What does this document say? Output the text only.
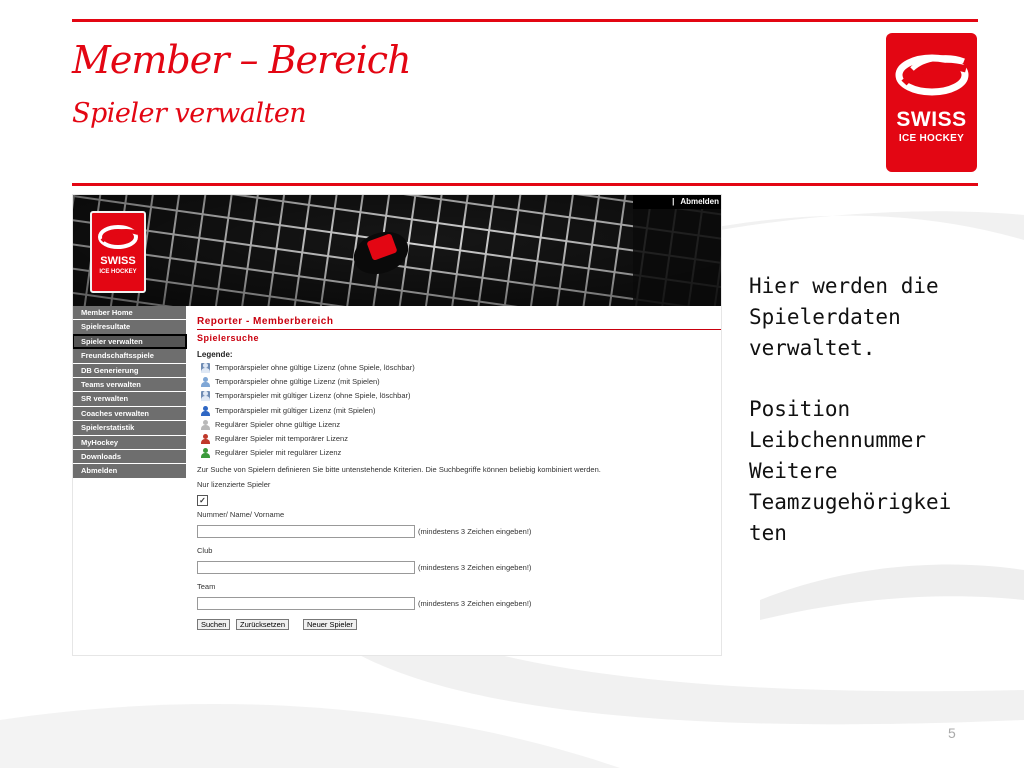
Member – Bereich
Spieler verwalten	SWISS
ICE HOCKEY
SWISS
ICE HOCKEY
| Abmelden
Member Home
Spielresultate
Spieler verwalten
Freundschaftsspiele
DB Generierung
Teams verwalten
SR verwalten
Coaches verwalten
Spielerstatistik
MyHockey
Downloads
Abmelden
Reporter - Memberbereich
Spielersuche
Legende:
Temporärspieler ohne gültige Lizenz (ohne Spiele, löschbar)
Temporärspieler ohne gültige Lizenz (mit Spielen)
Temporärspieler mit gültiger Lizenz (ohne Spiele, löschbar)
Temporärspieler mit gültiger Lizenz (mit Spielen)
Regulärer Spieler ohne gültige Lizenz
Regulärer Spieler mit temporärer Lizenz
Regulärer Spieler mit regulärer Lizenz
Zur Suche von Spielern definieren Sie bitte untenstehende Kriterien. Die Suchbegriffe können beliebig kombiniert werden.
Nur lizenzierte Spieler
✓
Nummer/ Name/ Vorname
(mindestens 3 Zeichen eingeben!)
Club
(mindestens 3 Zeichen eingeben!)
Team
(mindestens 3 Zeichen eingeben!)
Suchen	Zurücksetzen	Neuer Spieler
Hier werden die
Spielerdaten
verwaltet.
Position
Leibchennummer
Weitere
Teamzugehörigkei
ten
5
